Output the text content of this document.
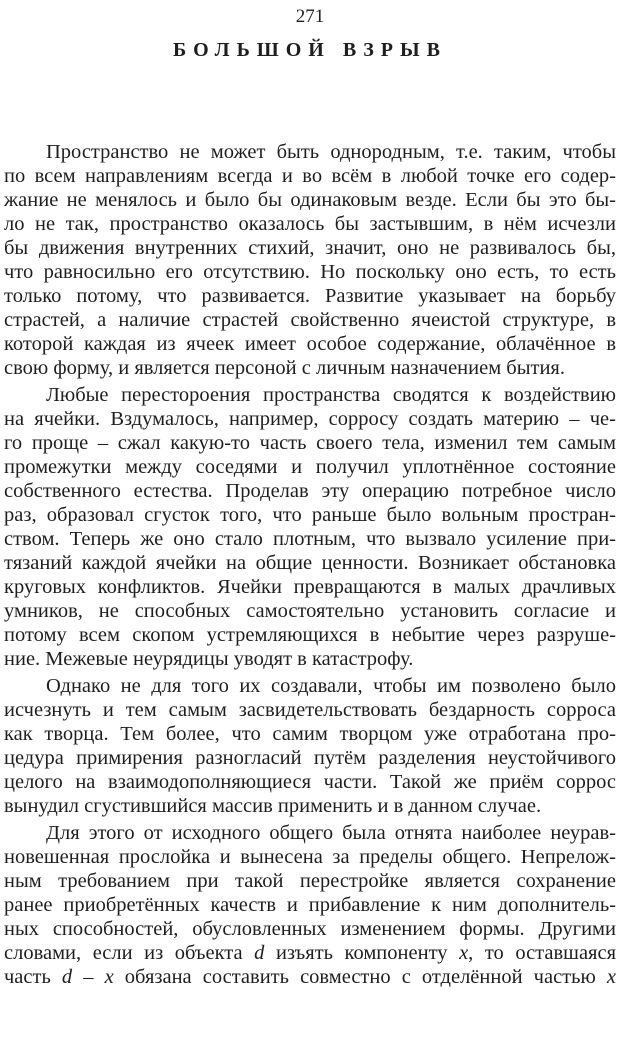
271
БОЛЬШОЙ ВЗРЫВ
Пространство не может быть однородным, т.е. таким, чтобы
по всем направлениям всегда и во всём в любой точке его содер-
жание не менялось и было бы одинаковым везде. Если бы это бы-
ло не так, пространство оказалось бы застывшим, в нём исчезли
бы движения внутренних стихий, значит, оно не развивалось бы,
что равносильно его отсутствию. Но поскольку оно есть, то есть
только потому, что развивается. Развитие указывает на борьбу
страстей, а наличие страстей свойственно ячеистой структуре, в
которой каждая из ячеек имеет особое содержание, облачённое в
свою форму, и является персоной с личным назначением бытия.
Любые перестороения пространства сводятся к воздействию
на ячейки. Вздумалось, например, сорросу создать материю – че-
го проще – сжал какую-то часть своего тела, изменил тем самым
промежутки между соседями и получил уплотнённое состояние
собственного естества. Проделав эту операцию потребное число
раз, образовал сгусток того, что раньше было вольным простран-
ством. Теперь же оно стало плотным, что вызвало усиление при-
тязаний каждой ячейки на общие ценности. Возникает обстановка
круговых конфликтов. Ячейки превращаются в малых драчливых
умников, не способных самостоятельно установить согласие и
потому всем скопом устремляющихся в небытие через разруше-
ние. Межевые неурядицы уводят в катастрофу.
Однако не для того их создавали, чтобы им позволено было
исчезнуть и тем самым засвидетельствовать бездарность сорроса
как творца. Тем более, что самим творцом уже отработана про-
цедура примирения разногласий путём разделения неустойчивого
целого на взаимодополняющиеся части. Такой же приём соррос
вынудил сгустившийся массив применить и в данном случае.
Для этого от исходного общего была отнята наиболее неурав-
новешенная прослойка и вынесена за пределы общего. Непрелож-
ным требованием при такой перестройке является сохранение
ранее приобретённых качеств и прибавление к ним дополнитель-
ных способностей, обусловленных изменением формы. Другими
словами, если из объекта d изъять компоненту x, то оставшаяся
часть d – x обязана составить совместно с отделённой частью x
